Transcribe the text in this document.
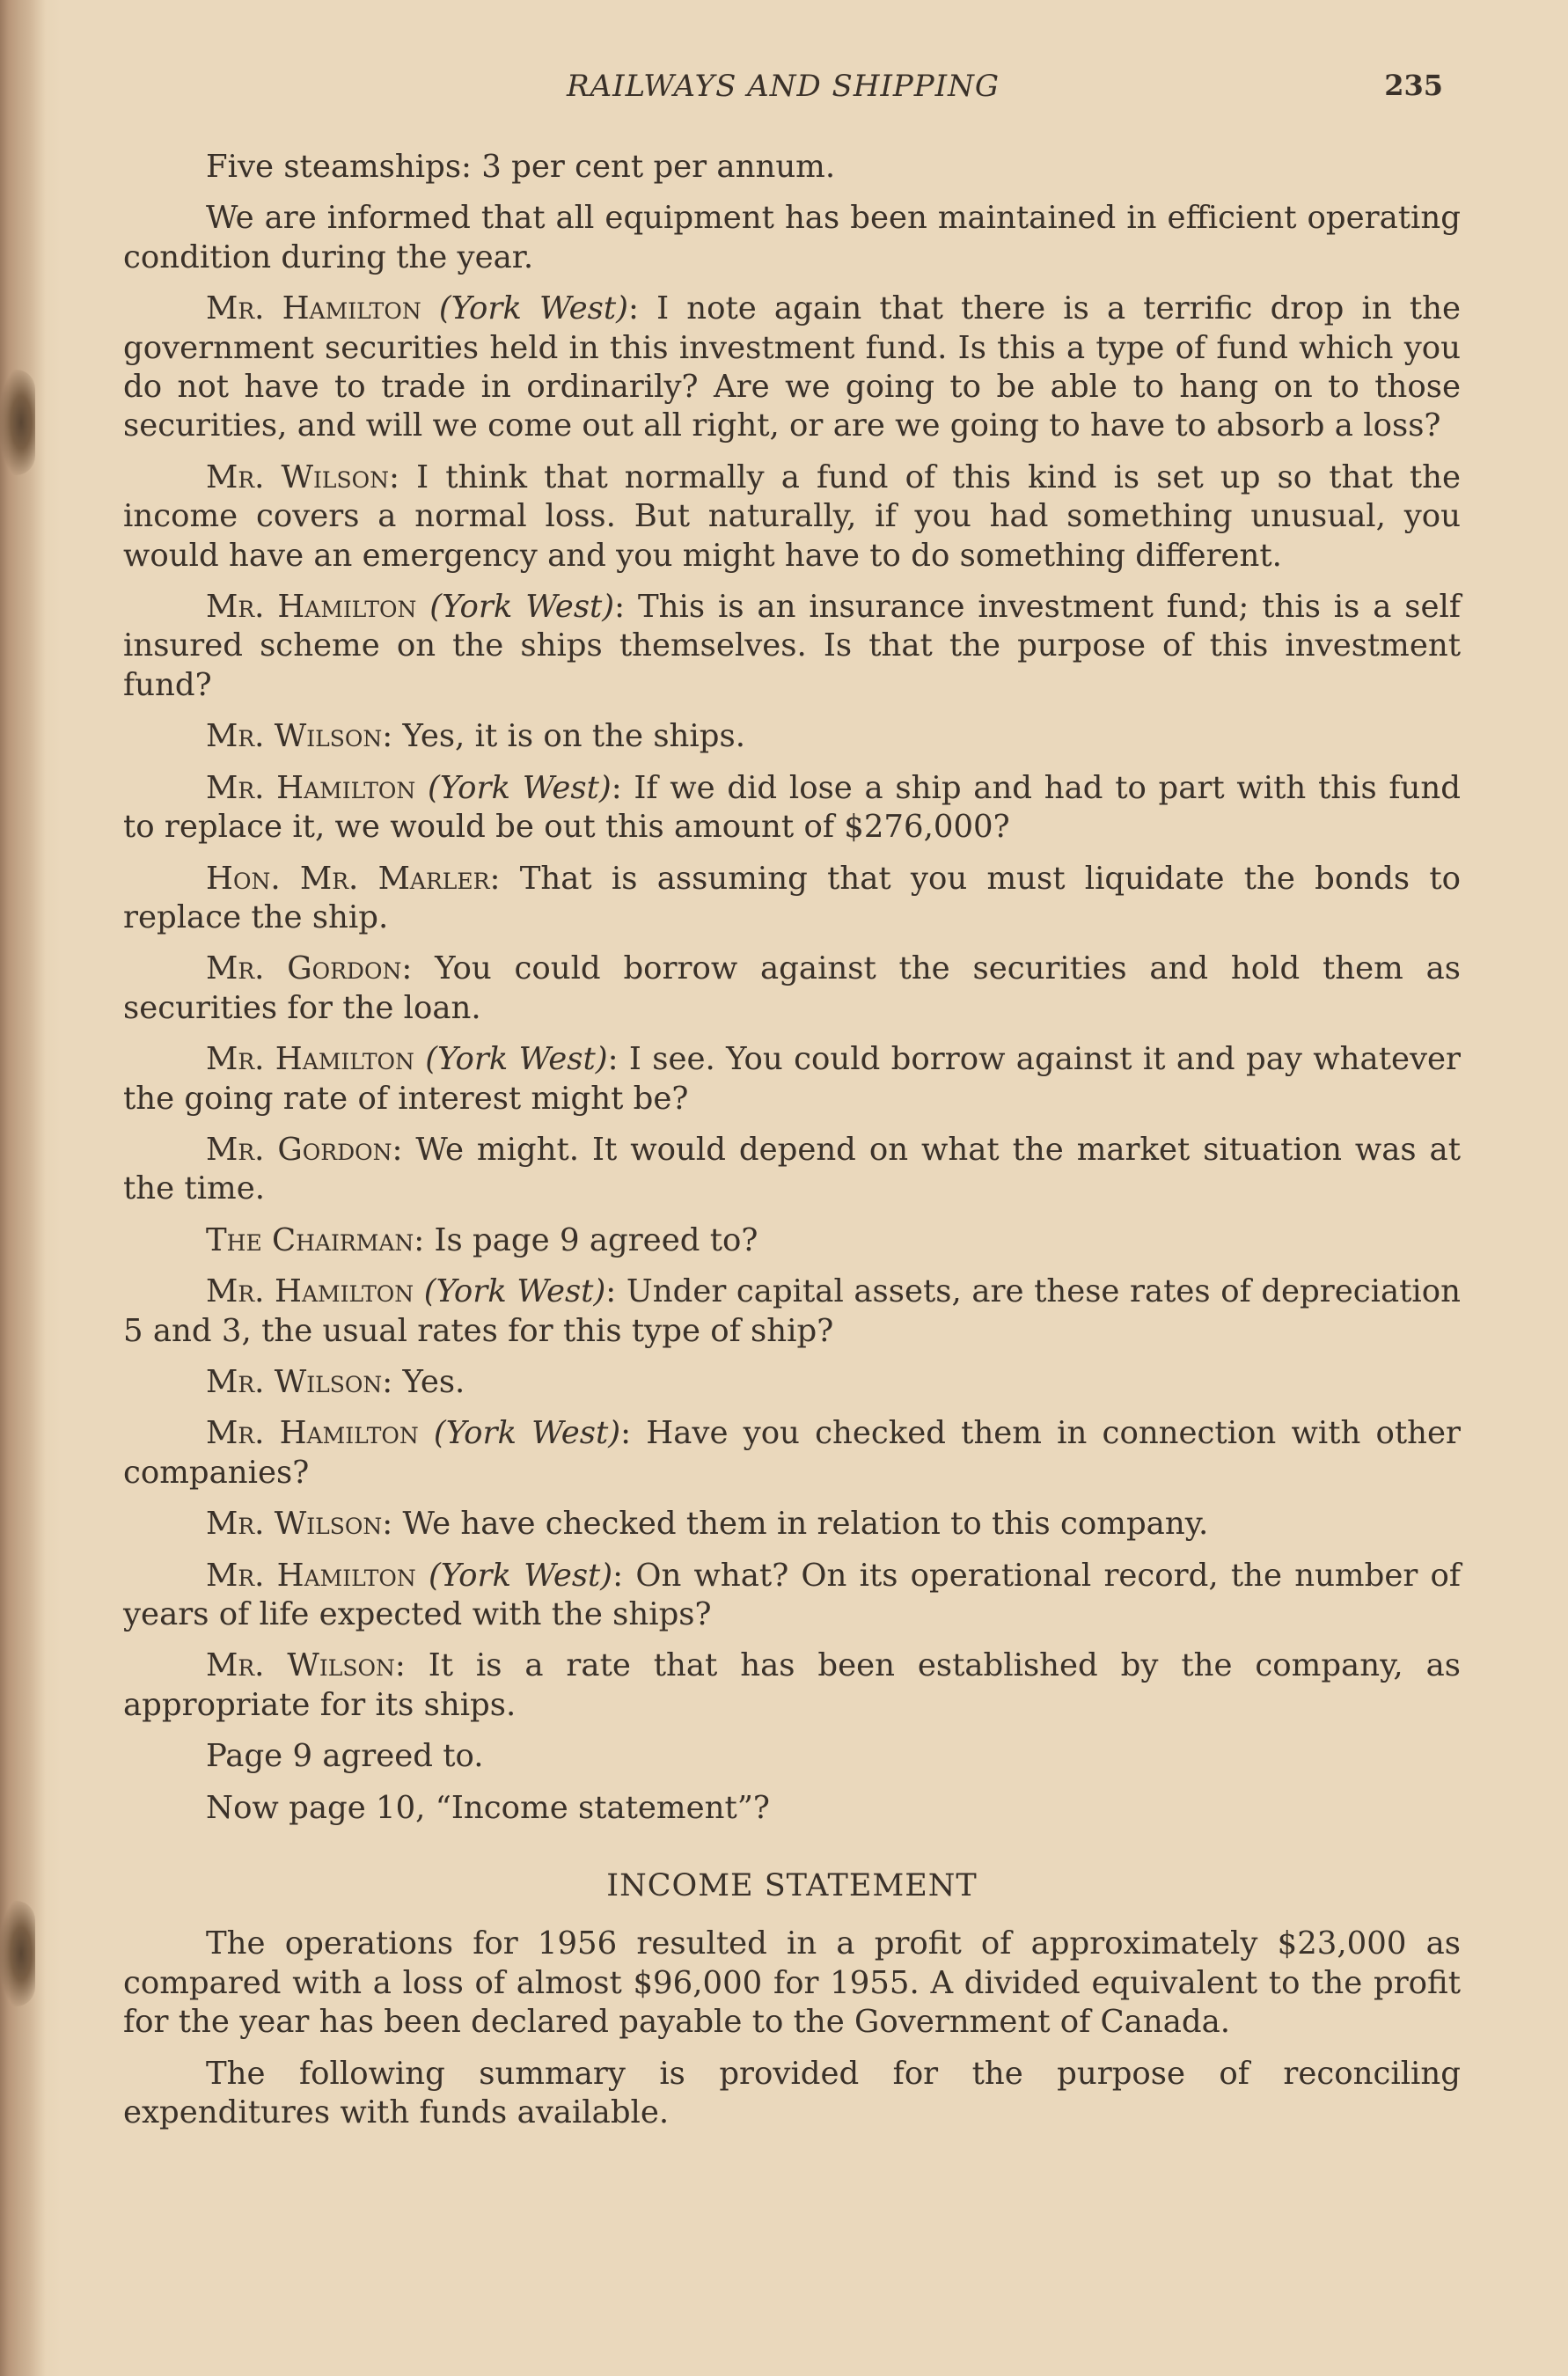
RAILWAYS AND SHIPPING	235

Five steamships: 3 per cent per annum.

We are informed that all equipment has been maintained in efficient operating condition during the year.

Mr. Hamilton (York West): I note again that there is a terrific drop in the government securities held in this investment fund. Is this a type of fund which you do not have to trade in ordinarily? Are we going to be able to hang on to those securities, and will we come out all right, or are we going to have to absorb a loss?

Mr. Wilson: I think that normally a fund of this kind is set up so that the income covers a normal loss. But naturally, if you had something unusual, you would have an emergency and you might have to do something different.

Mr. Hamilton (York West): This is an insurance investment fund; this is a self insured scheme on the ships themselves. Is that the purpose of this investment fund?

Mr. Wilson: Yes, it is on the ships.

Mr. Hamilton (York West): If we did lose a ship and had to part with this fund to replace it, we would be out this amount of $276,000?

Hon. Mr. Marler: That is assuming that you must liquidate the bonds to replace the ship.

Mr. Gordon: You could borrow against the securities and hold them as securities for the loan.

Mr. Hamilton (York West): I see. You could borrow against it and pay whatever the going rate of interest might be?

Mr. Gordon: We might. It would depend on what the market situation was at the time.

The Chairman: Is page 9 agreed to?

Mr. Hamilton (York West): Under capital assets, are these rates of depreciation 5 and 3, the usual rates for this type of ship?

Mr. Wilson: Yes.

Mr. Hamilton (York West): Have you checked them in connection with other companies?

Mr. Wilson: We have checked them in relation to this company.

Mr. Hamilton (York West): On what? On its operational record, the number of years of life expected with the ships?

Mr. Wilson: It is a rate that has been established by the company, as appropriate for its ships.

Page 9 agreed to.

Now page 10, “Income statement”?

INCOME STATEMENT

The operations for 1956 resulted in a profit of approximately $23,000 as compared with a loss of almost $96,000 for 1955. A divided equivalent to the profit for the year has been declared payable to the Government of Canada.

The following summary is provided for the purpose of reconciling expenditures with funds available.
